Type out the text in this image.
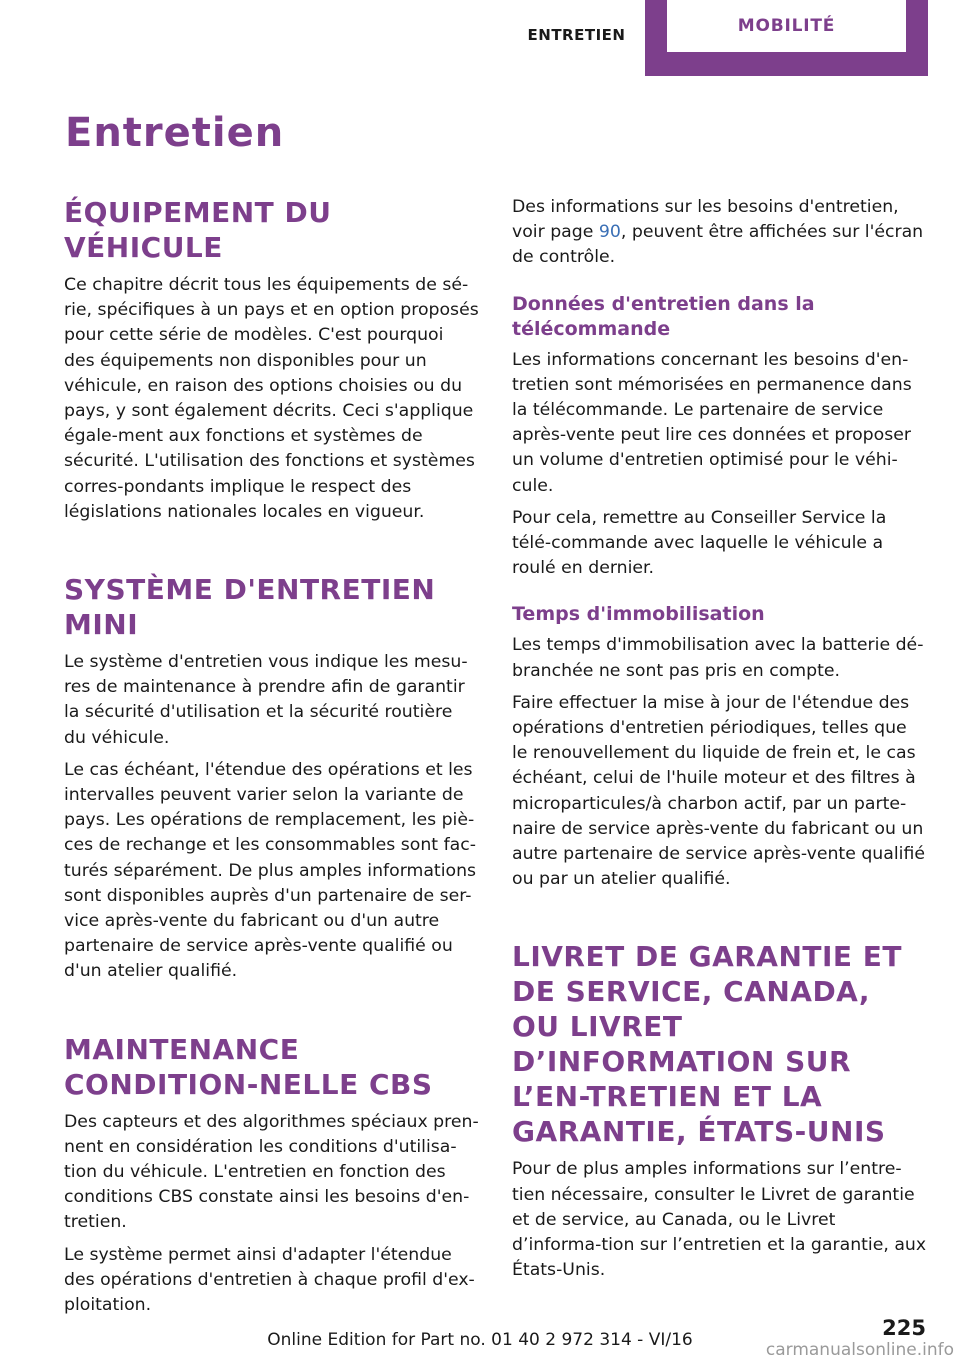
ENTRETIEN	MOBILITÉ
Entretien
ÉQUIPEMENT DU VÉHICULE

Ce chapitre décrit tous les équipements de sé-rie, spécifiques à un pays et en option proposés pour cette série de modèles. C'est pourquoi des équipements non disponibles pour un véhicule, en raison des options choisies ou du pays, y sont également décrits. Ceci s'applique égale-ment aux fonctions et systèmes de sécurité. L'utilisation des fonctions et systèmes corres-pondants implique le respect des législations nationales locales en vigueur.

SYSTÈME D'ENTRETIEN MINI

Le système d'entretien vous indique les mesu-res de maintenance à prendre afin de garantir la sécurité d'utilisation et la sécurité routière du véhicule.

Le cas échéant, l'étendue des opérations et les intervalles peuvent varier selon la variante de pays. Les opérations de remplacement, les piè-ces de rechange et les consommables sont fac-turés séparément. De plus amples informations sont disponibles auprès d'un partenaire de ser-vice après-vente du fabricant ou d'un autre partenaire de service après-vente qualifié ou d'un atelier qualifié.

MAINTENANCE CONDITION-NELLE CBS

Des capteurs et des algorithmes spéciaux pren-nent en considération les conditions d'utilisa-tion du véhicule. L'entretien en fonction des conditions CBS constate ainsi les besoins d'en-tretien.

Le système permet ainsi d'adapter l'étendue des opérations d'entretien à chaque profil d'ex-ploitation.

Des informations sur les besoins d'entretien, voir page 90, peuvent être affichées sur l'écran de contrôle.

Données d'entretien dans la télécommande

Les informations concernant les besoins d'en-tretien sont mémorisées en permanence dans la télécommande. Le partenaire de service après-vente peut lire ces données et proposer un volume d'entretien optimisé pour le véhi-cule.

Pour cela, remettre au Conseiller Service la télé-commande avec laquelle le véhicule a roulé en dernier.

Temps d'immobilisation

Les temps d'immobilisation avec la batterie dé-branchée ne sont pas pris en compte.

Faire effectuer la mise à jour de l'étendue des opérations d'entretien périodiques, telles que le renouvellement du liquide de frein et, le cas échéant, celui de l'huile moteur et des filtres à microparticules/à charbon actif, par un parte-naire de service après-vente du fabricant ou un autre partenaire de service après-vente qualifié ou par un atelier qualifié.

LIVRET DE GARANTIE ET DE SERVICE, CANADA, OU LIVRET D’INFORMATION SUR L’EN-TRETIEN ET LA GARANTIE, ÉTATS-UNIS

Pour de plus amples informations sur l’entre-tien nécessaire, consulter le Livret de garantie et de service, au Canada, ou le Livret d’informa-tion sur l’entretien et la garantie, aux États-Unis.

Online Edition for Part no. 01 40 2 972 314 - VI/16	225
carmanualsonline.info
